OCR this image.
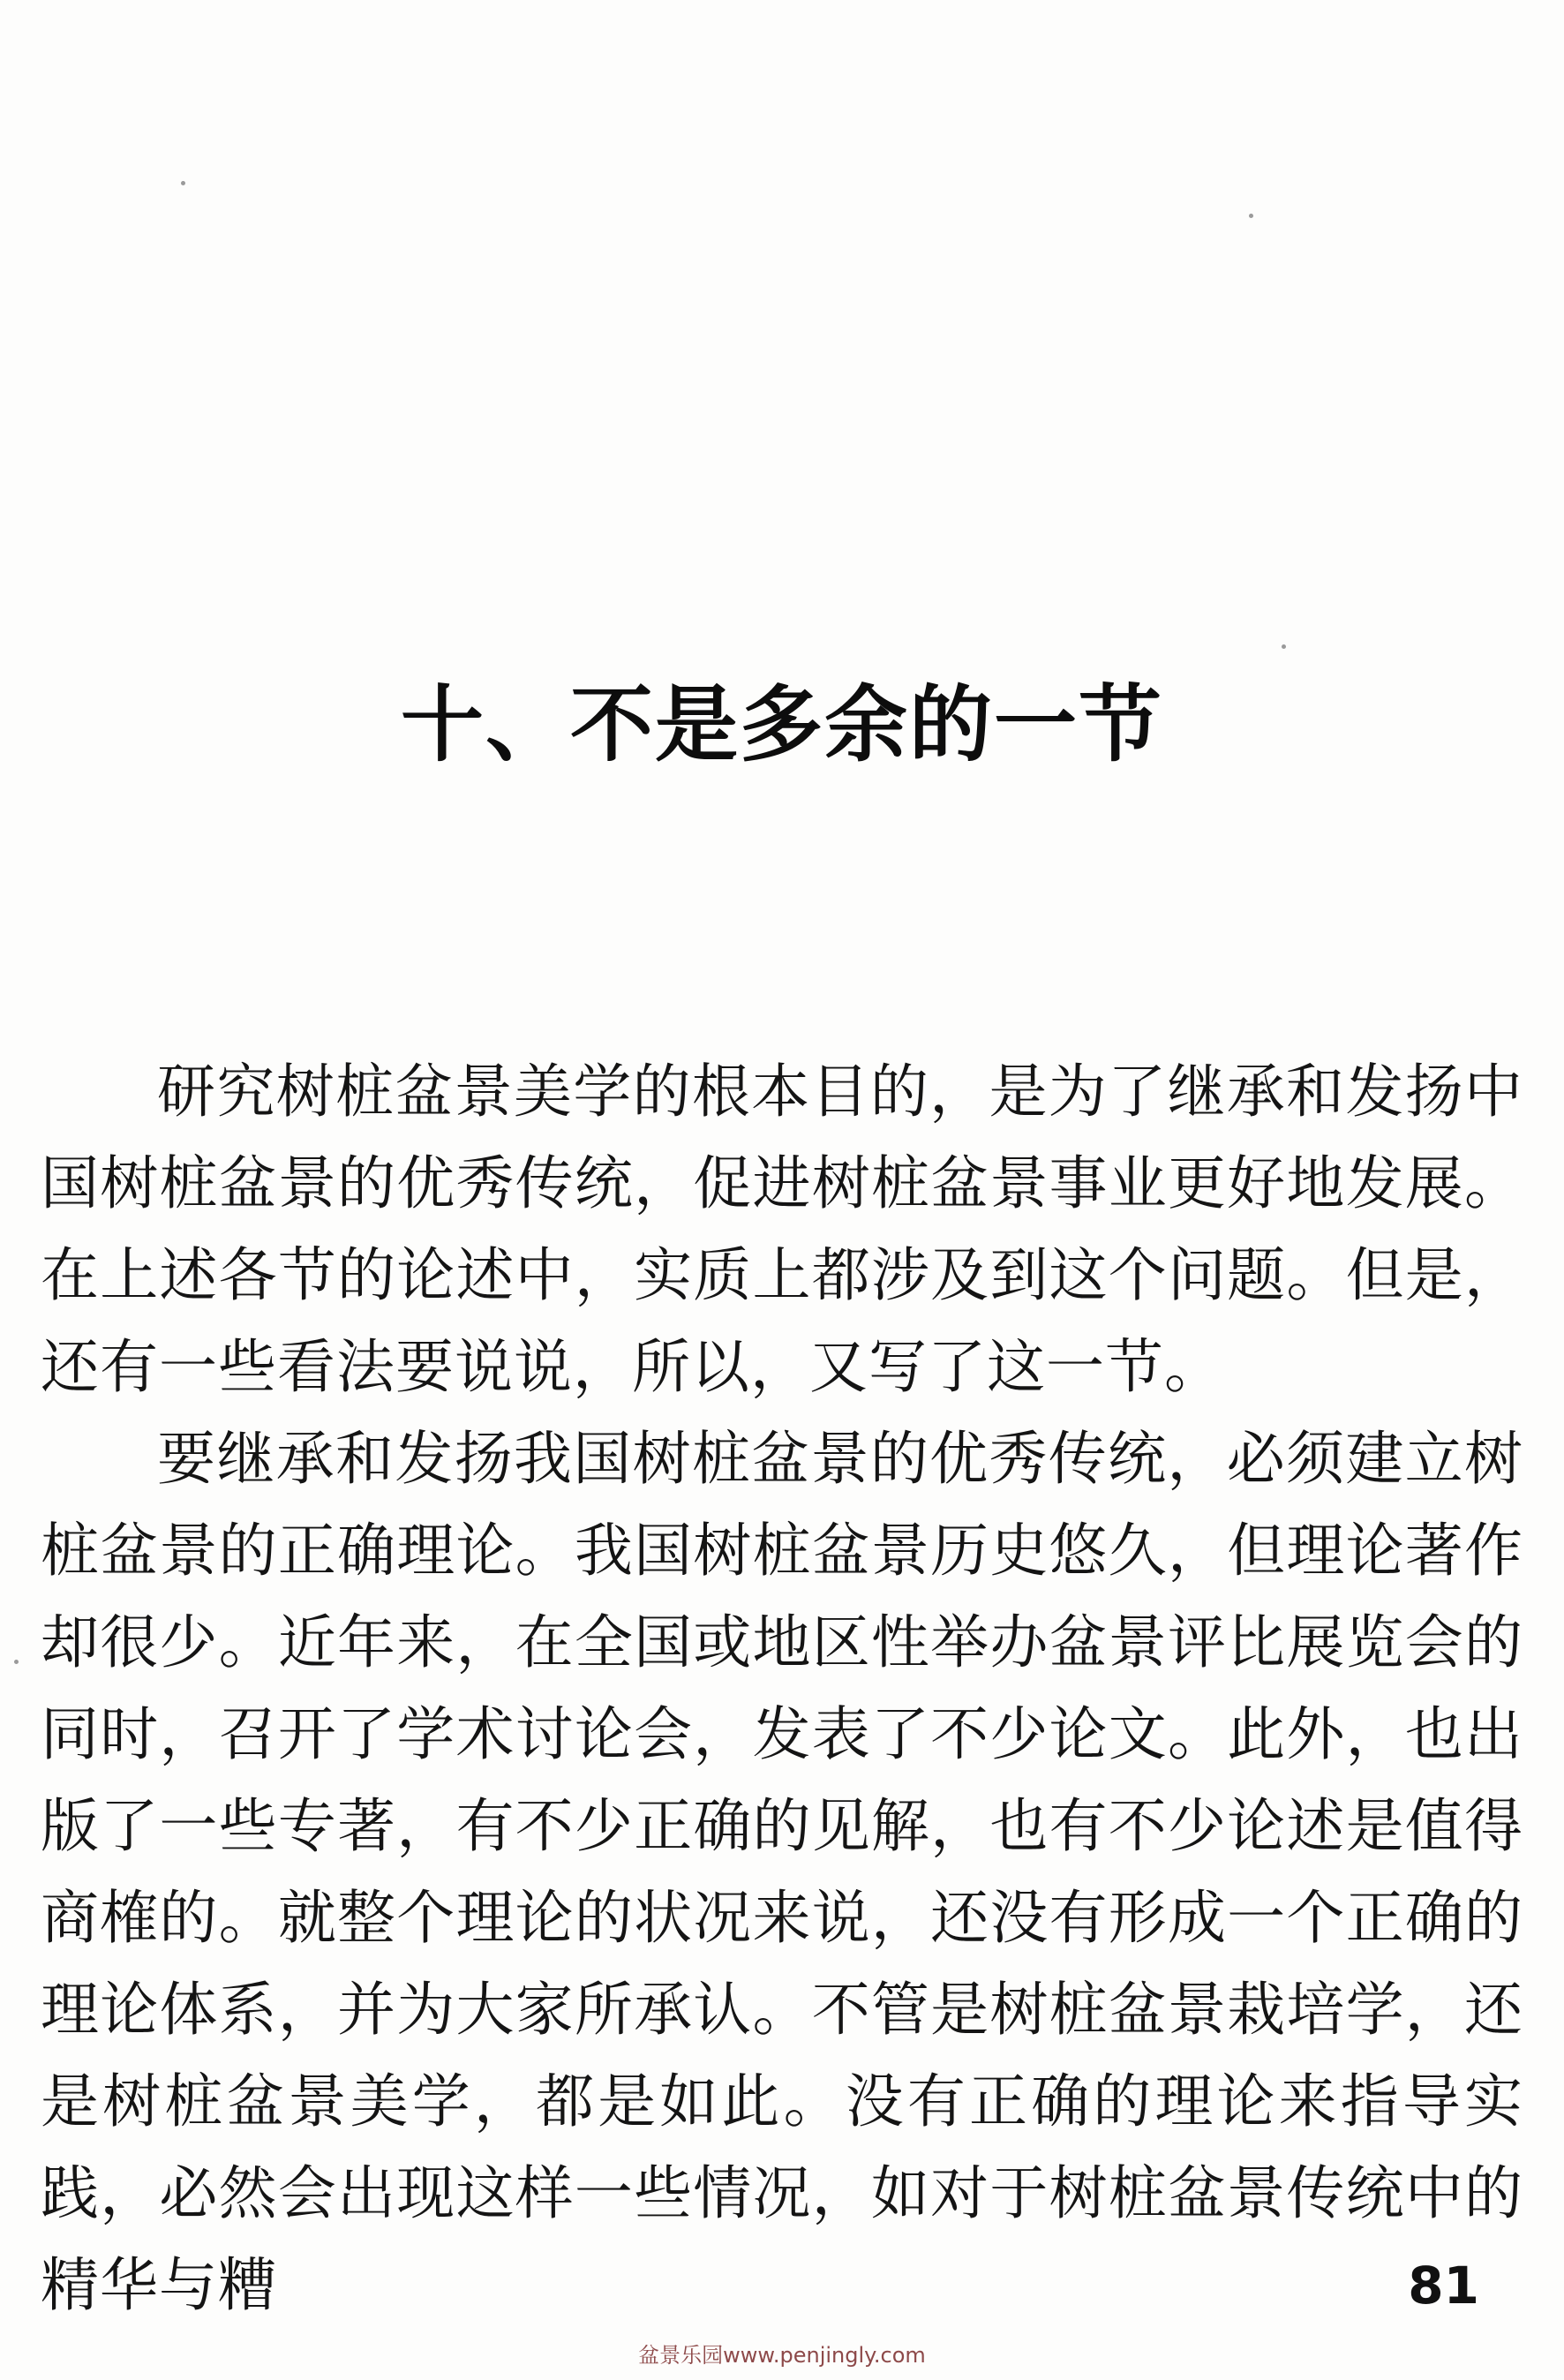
十、不是多余的一节

研究树桩盆景美学的根本目的，是为了继承和发扬中国树桩盆景的优秀传统，促进树桩盆景事业更好地发展。在上述各节的论述中，实质上都涉及到这个问题。但是，还有一些看法要说说，所以，又写了这一节。

要继承和发扬我国树桩盆景的优秀传统，必须建立树桩盆景的正确理论。我国树桩盆景历史悠久，但理论著作却很少。近年来，在全国或地区性举办盆景评比展览会的同时，召开了学术讨论会，发表了不少论文。此外，也出版了一些专著，有不少正确的见解，也有不少论述是值得商榷的。就整个理论的状况来说，还没有形成一个正确的理论体系，并为大家所承认。不管是树桩盆景栽培学，还是树桩盆景美学，都是如此。没有正确的理论来指导实践，必然会出现这样一些情况，如对于树桩盆景传统中的精华与糟	81
盆景乐园www.penjingly.com
